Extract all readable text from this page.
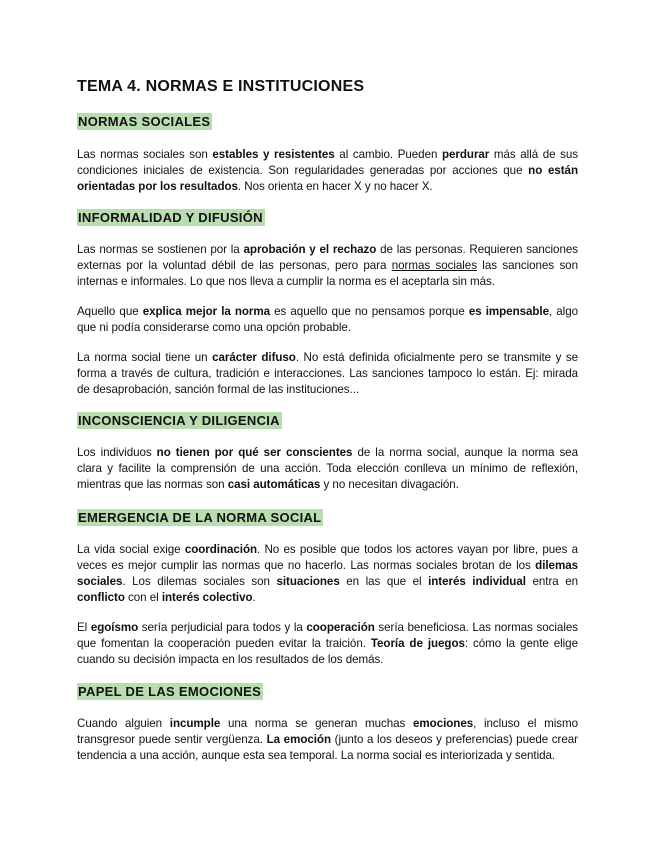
TEMA 4. NORMAS E INSTITUCIONES
NORMAS SOCIALES
Las normas sociales son estables y resistentes al cambio. Pueden perdurar más allá de sus condiciones iniciales de existencia. Son regularidades generadas por acciones que no están orientadas por los resultados. Nos orienta en hacer X y no hacer X.
INFORMALIDAD Y DIFUSIÓN
Las normas se sostienen por la aprobación y el rechazo de las personas. Requieren sanciones externas por la voluntad débil de las personas, pero para normas sociales las sanciones son internas e informales. Lo que nos lleva a cumplir la norma es el aceptarla sin más.
Aquello que explica mejor la norma es aquello que no pensamos porque es impensable, algo que ni podía considerarse como una opción probable.
La norma social tiene un carácter difuso. No está definida oficialmente pero se transmite y se forma a través de cultura, tradición e interacciones. Las sanciones tampoco lo están. Ej: mirada de desaprobación, sanción formal de las instituciones...
INCONSCIENCIA Y DILIGENCIA
Los individuos no tienen por qué ser conscientes de la norma social, aunque la norma sea clara y facilite la comprensión de una acción. Toda elección conlleva un mínimo de reflexión, mientras que las normas son casi automáticas y no necesitan divagación.
EMERGENCIA DE LA NORMA SOCIAL
La vida social exige coordinación. No es posible que todos los actores vayan por libre, pues a veces es mejor cumplir las normas que no hacerlo. Las normas sociales brotan de los dilemas sociales. Los dilemas sociales son situaciones en las que el interés individual entra en conflicto con el interés colectivo.
El egoísmo sería perjudicial para todos y la cooperación sería beneficiosa. Las normas sociales que fomentan la cooperación pueden evitar la traición. Teoría de juegos: cómo la gente elige cuando su decisión impacta en los resultados de los demás.
PAPEL DE LAS EMOCIONES
Cuando alguien incumple una norma se generan muchas emociones, incluso el mismo transgresor puede sentir vergüenza. La emoción (junto a los deseos y preferencias) puede crear tendencia a una acción, aunque esta sea temporal. La norma social es interiorizada y sentida.
